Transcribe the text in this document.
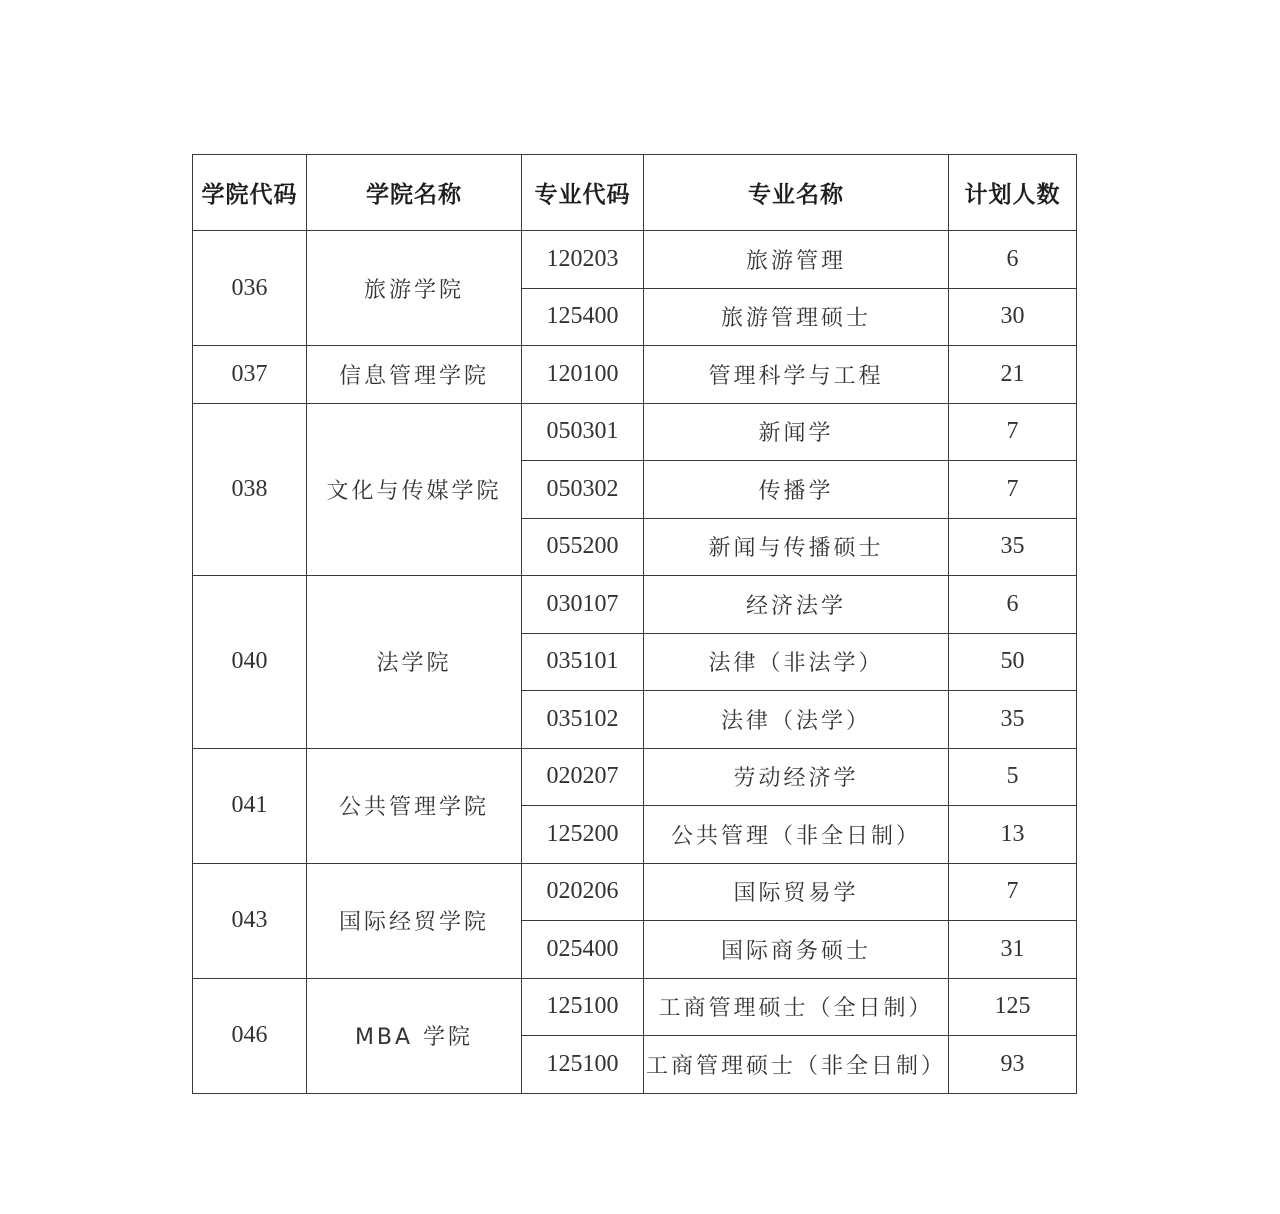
学院代码	学院名称	专业代码	专业名称	计划人数
036	旅游学院	120203	旅游管理	6
		125400	旅游管理硕士	30
037	信息管理学院	120100	管理科学与工程	21
038	文化与传媒学院	050301	新闻学	7
		050302	传播学	7
		055200	新闻与传播硕士	35
040	法学院	030107	经济法学	6
		035101	法律（非法学）	50
		035102	法律（法学）	35
041	公共管理学院	020207	劳动经济学	5
		125200	公共管理（非全日制）	13
043	国际经贸学院	020206	国际贸易学	7
		025400	国际商务硕士	31
046	MBA 学院	125100	工商管理硕士（全日制）	125
		125100	工商管理硕士（非全日制）	93
